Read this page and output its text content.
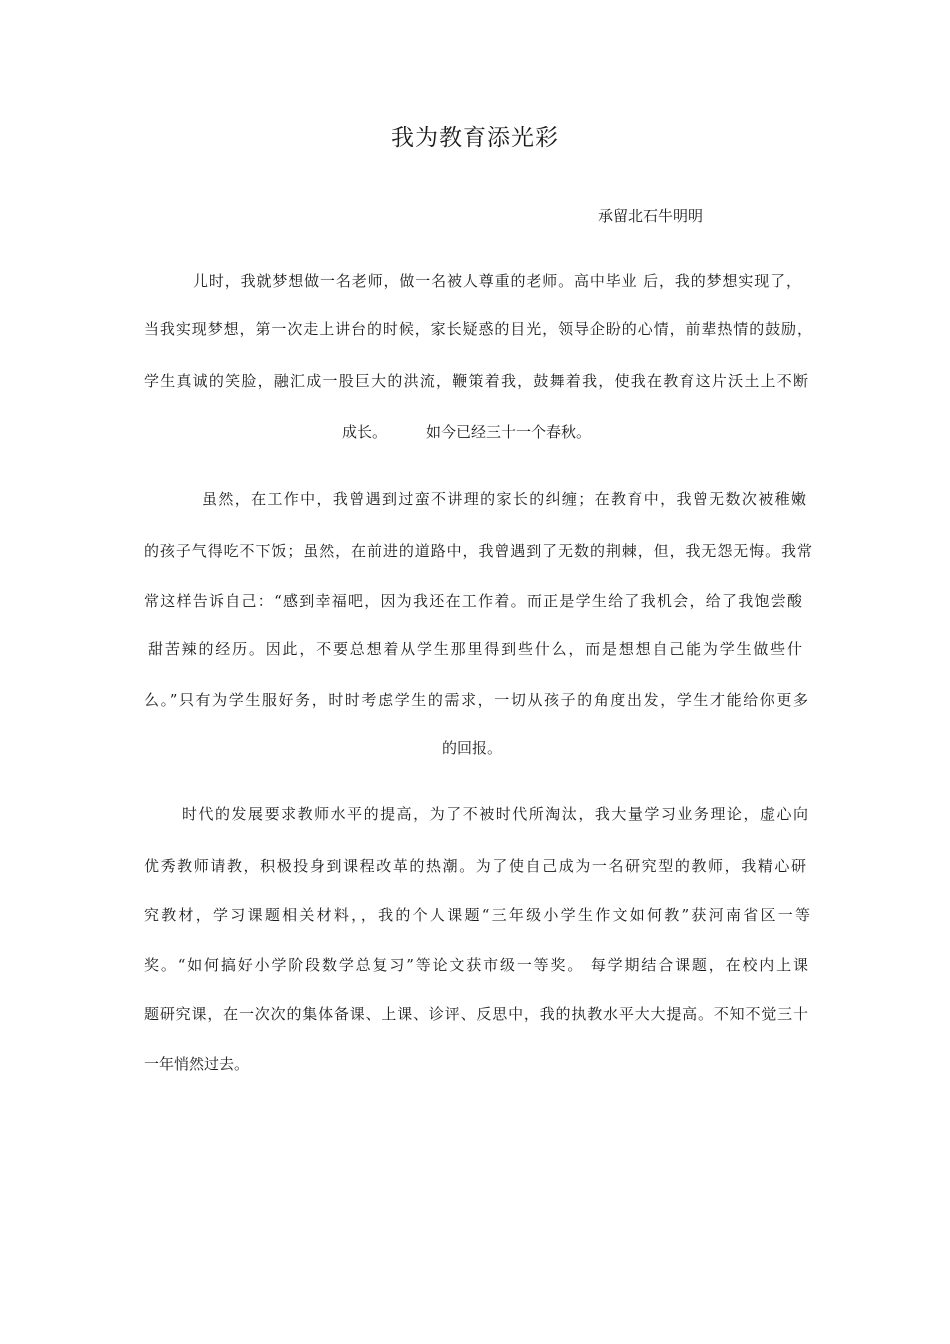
我为教育添光彩
承留北石牛明明
儿时，我就梦想做一名老师，做一名被人尊重的老师。高中毕业 后，我的梦想实现了，
当我实现梦想，第一次走上讲台的时候，家长疑惑的目光，领导企盼的心情，前辈热情的鼓励，
学生真诚的笑脸，融汇成一股巨大的洪流，鞭策着我，鼓舞着我，使我在教育这片沃土上不断
成长。	如今已经三十一个春秋。
虽然，在工作中，我曾遇到过蛮不讲理的家长的纠缠；在教育中，我曾无数次被稚嫩
的孩子气得吃不下饭；虽然，在前进的道路中，我曾遇到了无数的荆棘，但，我无怨无悔。我常
常这样告诉自己：“感到幸福吧，因为我还在工作着。而正是学生给了我机会，给了我饱尝酸
甜苦辣的经历。因此，不要总想着从学生那里得到些什么，而是想想自己能为学生做些什
么。”只有为学生服好务，时时考虑学生的需求，一切从孩子的角度出发，学生才能给你更多
的回报。
时代的发展要求教师水平的提高，为了不被时代所淘汰，我大量学习业务理论，虚心向
优秀教师请教，积极投身到课程改革的热潮。为了使自己成为一名研究型的教师，我精心研
究教材，学习课题相关材料，，我的个人课题“三年级小学生作文如何教”获河南省区一等
奖。“如何搞好小学阶段数学总复习”等论文获市级一等奖。 每学期结合课题，在校内上课
题研究课，在一次次的集体备课、上课、诊评、反思中，我的执教水平大大提高。不知不觉三十
一年悄然过去。
